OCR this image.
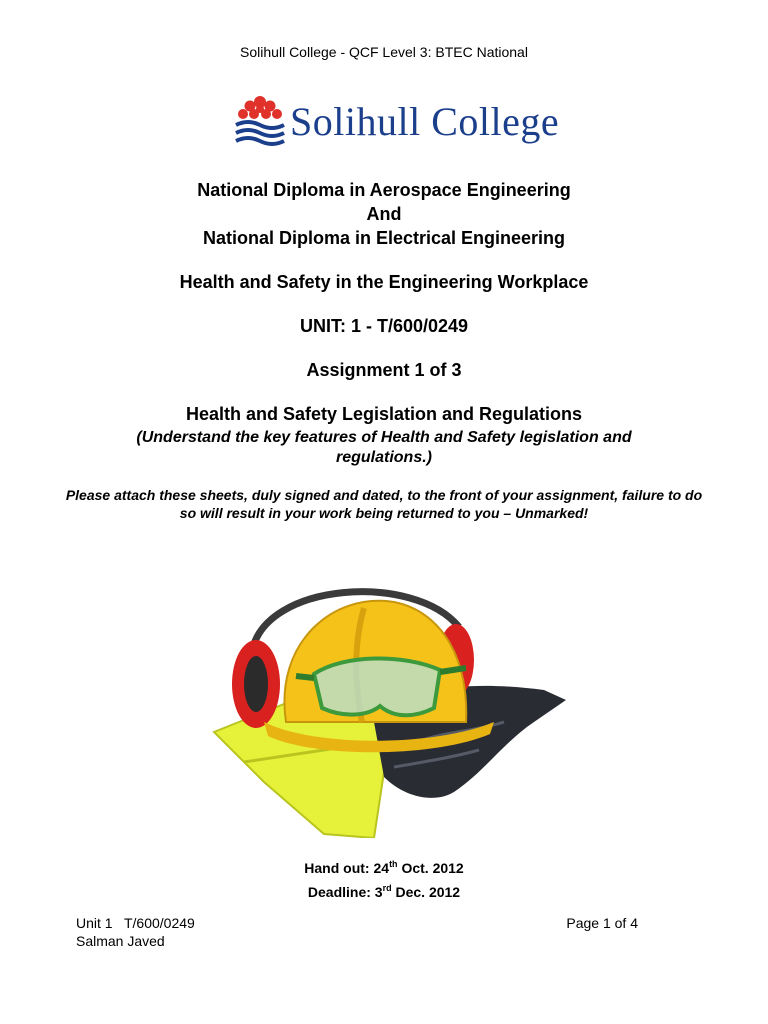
Solihull College - QCF Level 3: BTEC National
Solihull College
National Diploma in Aerospace Engineering
And
National Diploma in Electrical Engineering
Health and Safety in the Engineering Workplace
UNIT: 1 - T/600/0249
Assignment 1 of 3
Health and Safety Legislation and Regulations
(Understand the key features of Health and Safety legislation and regulations.)
Please attach these sheets, duly signed and dated, to the front of your assignment, failure to do so will result in your work being returned to you – Unmarked!
Hand out: 24th Oct. 2012
Deadline: 3rd Dec. 2012
Unit 1   T/600/0249
Salman Javed
Page 1 of 4
